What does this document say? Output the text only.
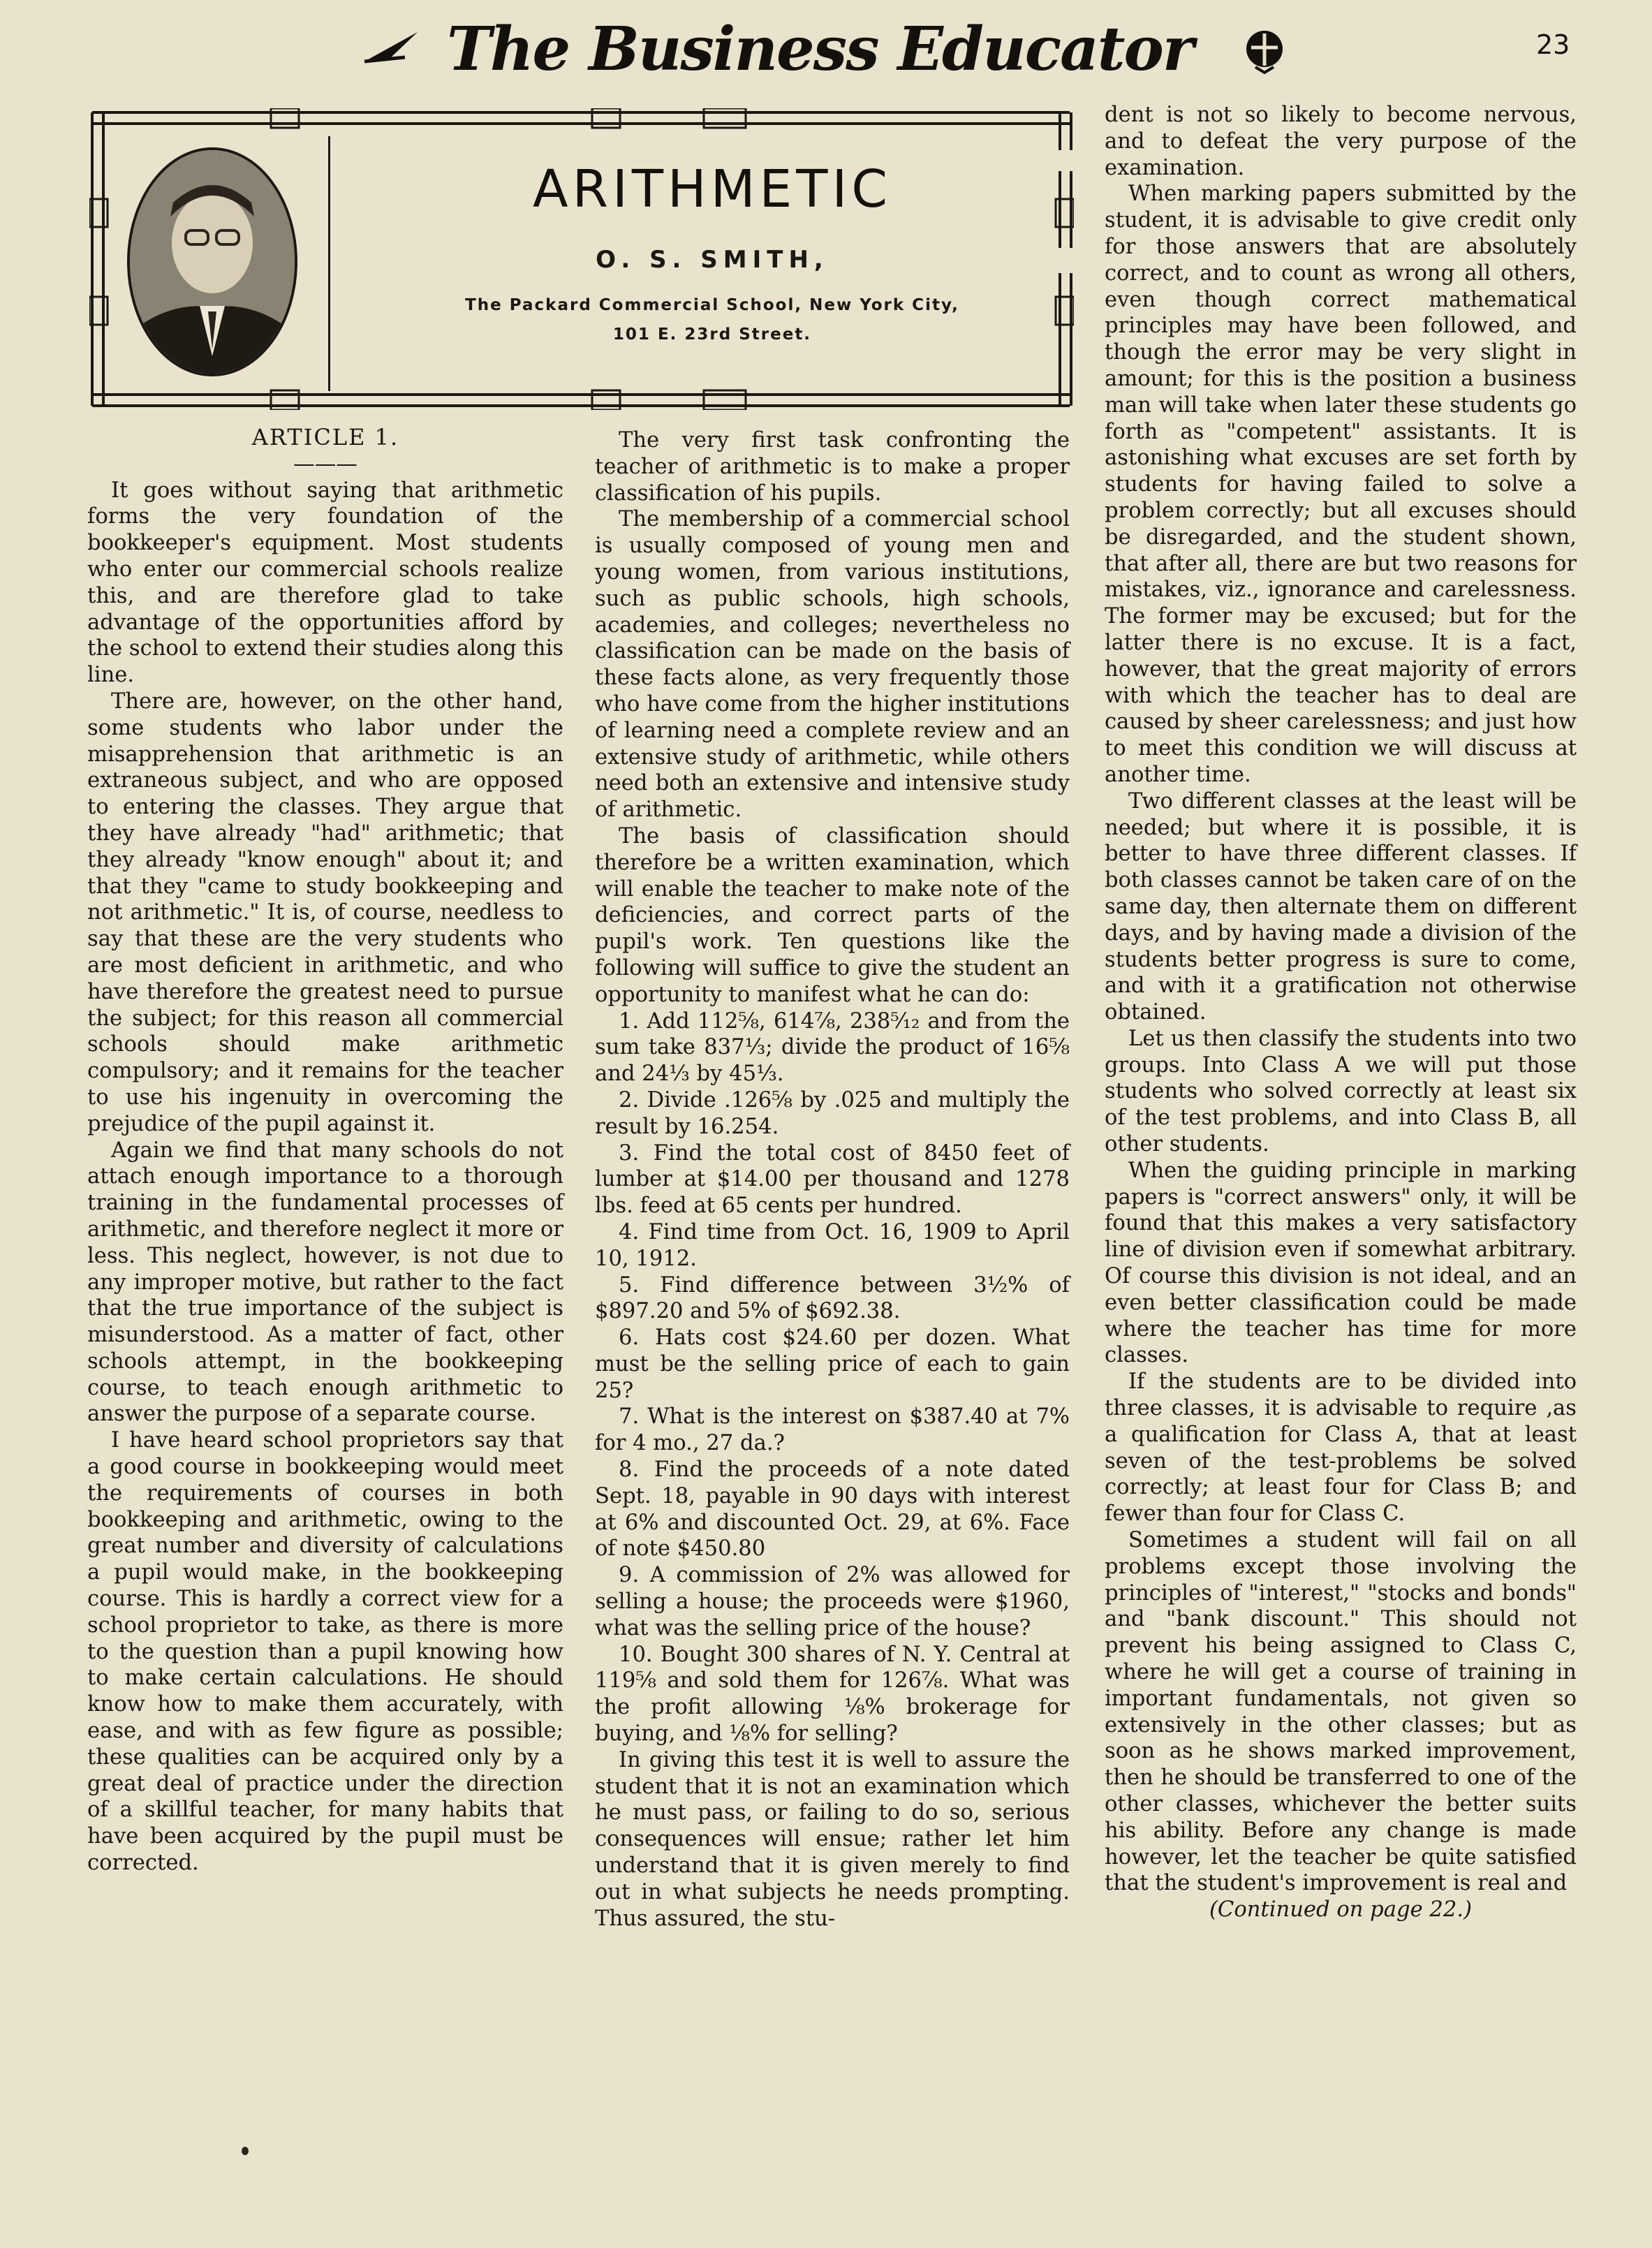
The Business Educator	23
ARITHMETIC
O. S. SMITH,
The Packard Commercial School, New York City,
101 E. 23rd Street.

ARTICLE 1.

———

It goes without saying that arithmetic forms the very foundation of the bookkeeper's equipment. Most students who enter our commercial schools realize this, and are therefore glad to take advantage of the opportunities afford by the school to extend their studies along this line.

There are, however, on the other hand, some students who labor under the misapprehension that arithmetic is an extraneous subject, and who are opposed to entering the classes. They argue that they have already "had" arithmetic; that they already "know enough" about it; and that they "came to study bookkeeping and not arithmetic." It is, of course, needless to say that these are the very students who are most deficient in arithmetic, and who have therefore the greatest need to pursue the subject; for this reason all commercial schools should make arithmetic compulsory; and it remains for the teacher to use his ingenuity in overcoming the prejudice of the pupil against it.

Again we find that many schools do not attach enough importance to a thorough training in the fundamental processes of arithmetic, and therefore neglect it more or less. This neglect, however, is not due to any improper motive, but rather to the fact that the true importance of the subject is misunderstood. As a matter of fact, other schools attempt, in the bookkeeping course, to teach enough arithmetic to answer the purpose of a separate course.

I have heard school proprietors say that a good course in bookkeeping would meet the requirements of courses in both bookkeeping and arithmetic, owing to the great number and diversity of calculations a pupil would make, in the bookkeeping course. This is hardly a correct view for a school proprietor to take, as there is more to the question than a pupil knowing how to make certain calculations. He should know how to make them accurately, with ease, and with as few figure as possible; these qualities can be acquired only by a great deal of practice under the direction of a skillful teacher, for many habits that have been acquired by the pupil must be corrected.

The very first task confronting the teacher of arithmetic is to make a proper classification of his pupils.

The membership of a commercial school is usually composed of young men and young women, from various institutions, such as public schools, high schools, academies, and colleges; nevertheless no classification can be made on the basis of these facts alone, as very frequently those who have come from the higher institutions of learning need a complete review and an extensive study of arithmetic, while others need both an extensive and intensive study of arithmetic.

The basis of classification should therefore be a written examination, which will enable the teacher to make note of the deficiencies, and correct parts of the pupil's work. Ten questions like the following will suffice to give the student an opportunity to manifest what he can do:

1. Add 112⅝, 614⅞, 238⁵⁄₁₂ and from the sum take 837⅓; divide the product of 16⅝ and 24⅓ by 45⅓.

2. Divide .126⅝ by .025 and multiply the result by 16.254.

3. Find the total cost of 8450 feet of lumber at $14.00 per thousand and 1278 lbs. feed at 65 cents per hundred.

4. Find time from Oct. 16, 1909 to April 10, 1912.

5. Find difference between 3½% of $897.20 and 5% of $692.38.

6. Hats cost $24.60 per dozen. What must be the selling price of each to gain 25?

7. What is the interest on $387.40 at 7% for 4 mo., 27 da.?

8. Find the proceeds of a note dated Sept. 18, payable in 90 days with interest at 6% and discounted Oct. 29, at 6%. Face of note $450.80

9. A commission of 2% was allowed for selling a house; the proceeds were $1960, what was the selling price of the house?

10. Bought 300 shares of N. Y. Central at 119⅝ and sold them for 126⅞. What was the profit allowing ⅛% brokerage for buying, and ⅛% for selling?

In giving this test it is well to assure the student that it is not an examination which he must pass, or failing to do so, serious consequences will ensue; rather let him understand that it is given merely to find out in what subjects he needs prompting. Thus assured, the stu-

dent is not so likely to become nervous, and to defeat the very purpose of the examination.

When marking papers submitted by the student, it is advisable to give credit only for those answers that are absolutely correct, and to count as wrong all others, even though correct mathematical principles may have been followed, and though the error may be very slight in amount; for this is the position a business man will take when later these students go forth as "competent" assistants. It is astonishing what excuses are set forth by students for having failed to solve a problem correctly; but all excuses should be disregarded, and the student shown, that after all, there are but two reasons for mistakes, viz., ignorance and carelessness. The former may be excused; but for the latter there is no excuse. It is a fact, however, that the great majority of errors with which the teacher has to deal are caused by sheer carelessness; and just how to meet this condition we will discuss at another time.

Two different classes at the least will be needed; but where it is possible, it is better to have three different classes. If both classes cannot be taken care of on the same day, then alternate them on different days, and by having made a division of the students better progress is sure to come, and with it a gratification not otherwise obtained.

Let us then classify the students into two groups. Into Class A we will put those students who solved correctly at least six of the test problems, and into Class B, all other students.

When the guiding principle in marking papers is "correct answers" only, it will be found that this makes a very satisfactory line of division even if somewhat arbitrary. Of course this division is not ideal, and an even better classification could be made where the teacher has time for more classes.

If the students are to be divided into three classes, it is advisable to require ,as a qualification for Class A, that at least seven of the test-problems be solved correctly; at least four for Class B; and fewer than four for Class C.

Sometimes a student will fail on all problems except those involving the principles of "interest," "stocks and bonds" and "bank discount." This should not prevent his being assigned to Class C, where he will get a course of training in important fundamentals, not given so extensively in the other classes; but as soon as he shows marked improvement, then he should be transferred to one of the other classes, whichever the better suits his ability. Before any change is made however, let the teacher be quite satisfied that the student's improvement is real and

(Continued on page 22.)
